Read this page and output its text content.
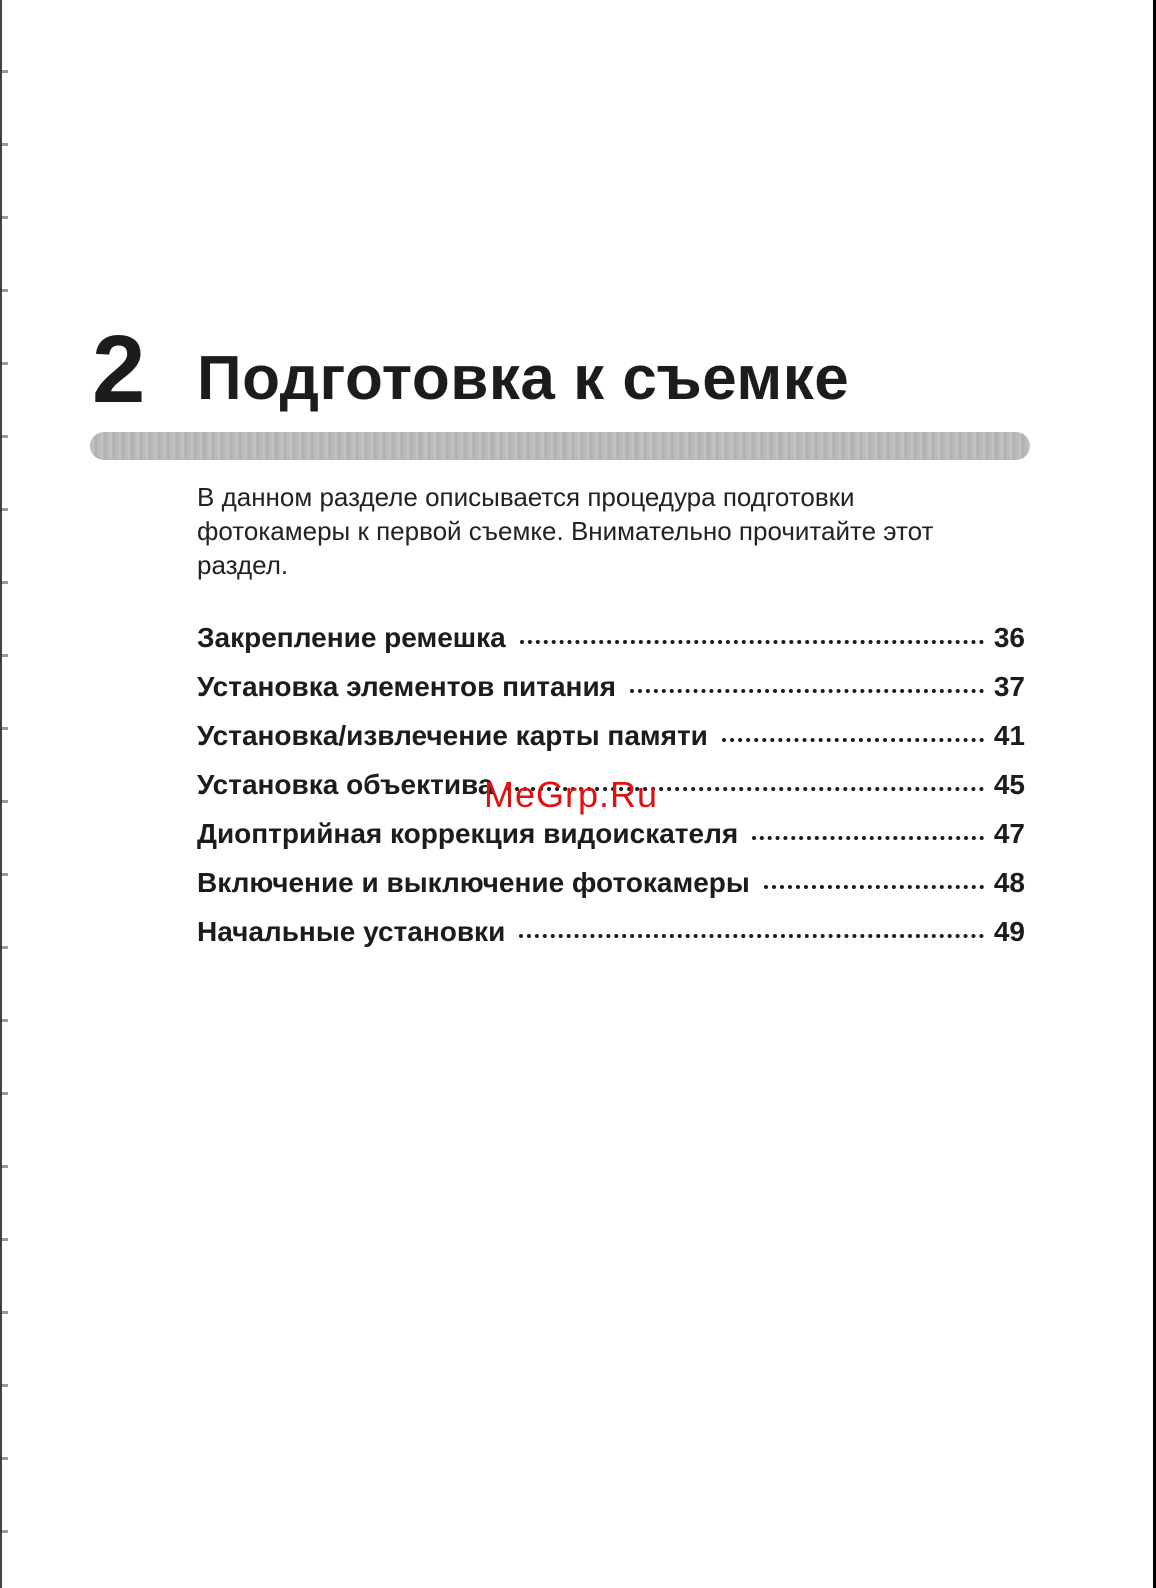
2 Подготовка к съемке
В данном разделе описывается процедура подготовки фотокамеры к первой съемке. Внимательно прочитайте этот раздел.
Закрепление ремешка	36
Установка элементов питания	37
Установка/извлечение карты памяти	41
Установка объектива	45
Диоптрийная коррекция видоискателя	47
Включение и выключение фотокамеры	48
Начальные установки	49
MeGrp.Ru
